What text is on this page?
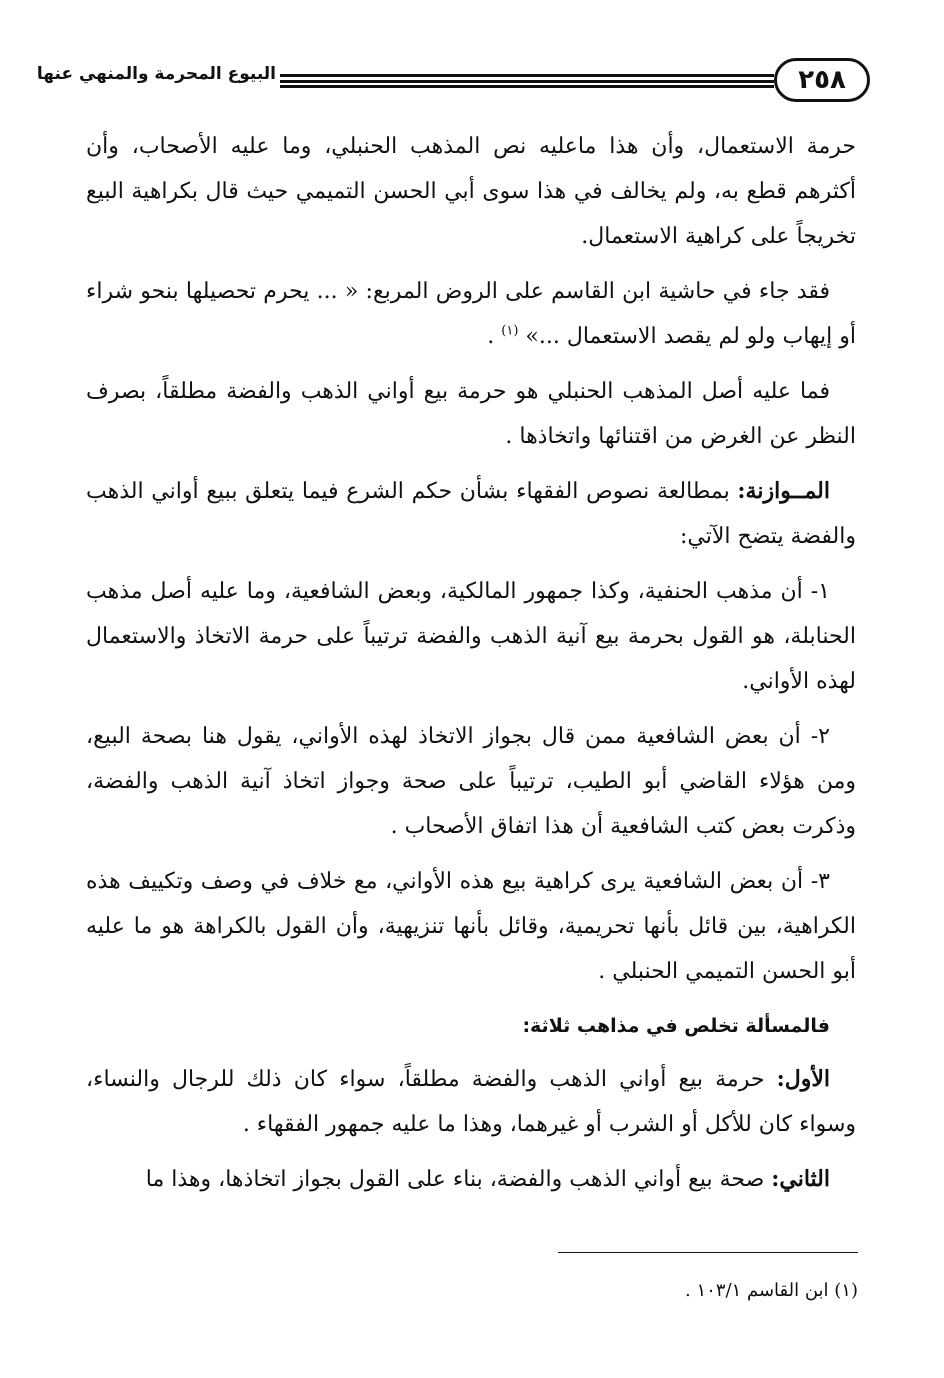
٢٥٨
البيوع المحرمة والمنهي عنها

حرمة الاستعمال، وأن هذا ماعليه نص المذهب الحنبلي، وما عليه الأصحاب، وأن أكثرهم قطع به، ولم يخالف في هذا سوى أبي الحسن التميمي حيث قال بكراهية البيع تخريجاً على كراهية الاستعمال.

فقد جاء في حاشية ابن القاسم على الروض المربع: « ... يحرم تحصيلها بنحو شراء أو إيهاب ولو لم يقصد الاستعمال ...» $^{(١)}$ .

فما عليه أصل المذهب الحنبلي هو حرمة بيع أواني الذهب والفضة مطلقاً، بصرف النظر عن الغرض من اقتنائها واتخاذها .

المــوازنة: بمطالعة نصوص الفقهاء بشأن حكم الشرع فيما يتعلق ببيع أواني الذهب والفضة يتضح الآتي:

١- أن مذهب الحنفية، وكذا جمهور المالكية، وبعض الشافعية، وما عليه أصل مذهب الحنابلة، هو القول بحرمة بيع آنية الذهب والفضة ترتيباً على حرمة الاتخاذ والاستعمال لهذه الأواني.

٢- أن بعض الشافعية ممن قال بجواز الاتخاذ لهذه الأواني، يقول هنا بصحة البيع، ومن هؤلاء القاضي أبو الطيب، ترتيباً على صحة وجواز اتخاذ آنية الذهب والفضة، وذكرت بعض كتب الشافعية أن هذا اتفاق الأصحاب .

٣- أن بعض الشافعية يرى كراهية بيع هذه الأواني، مع خلاف في وصف وتكييف هذه الكراهية، بين قائل بأنها تحريمية، وقائل بأنها تنزيهية، وأن القول بالكراهة هو ما عليه أبو الحسن التميمي الحنبلي .

فالمسألة تخلص في مذاهب ثلاثة:

الأول: حرمة بيع أواني الذهب والفضة مطلقاً، سواء كان ذلك للرجال والنساء، وسواء كان للأكل أو الشرب أو غيرهما، وهذا ما عليه جمهور الفقهاء .

الثاني: صحة بيع أواني الذهب والفضة، بناء على القول بجواز اتخاذها، وهذا ما

(١) ابن القاسم ١٠٣/١ .
